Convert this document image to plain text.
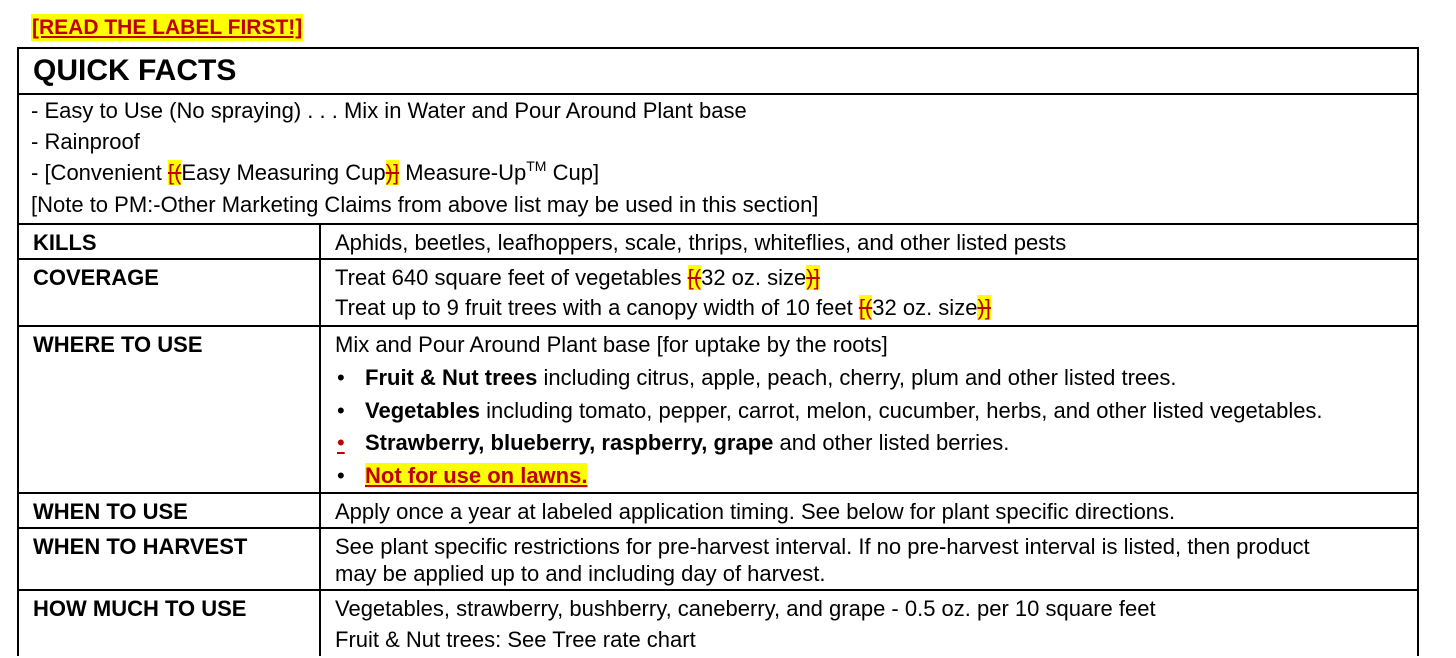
[READ THE LABEL FIRST!]
QUICK FACTS
- Easy to Use (No spraying) . . . Mix in Water and Pour Around Plant base
- Rainproof
- [Convenient [(Easy Measuring Cup)] Measure-Up™ Cup]
[Note to PM:-Other Marketing Claims from above list may be used in this section]
KILLS	Aphids, beetles, leafhoppers, scale, thrips, whiteflies, and other listed pests
COVERAGE	Treat 640 square feet of vegetables [(32 oz. size)]
Treat up to 9 fruit trees with a canopy width of 10 feet [(32 oz. size)]
WHERE TO USE	Mix and Pour Around Plant base [for uptake by the roots]
• Fruit & Nut trees including citrus, apple, peach, cherry, plum and other listed trees.
• Vegetables including tomato, pepper, carrot, melon, cucumber, herbs, and other listed vegetables.
• Strawberry, blueberry, raspberry, grape and other listed berries.
• Not for use on lawns.
WHEN TO USE	Apply once a year at labeled application timing. See below for plant specific directions.
WHEN TO HARVEST	See plant specific restrictions for pre-harvest interval. If no pre-harvest interval is listed, then product
may be applied up to and including day of harvest.
HOW MUCH TO USE	Vegetables, strawberry, bushberry, caneberry, and grape - 0.5 oz. per 10 square feet
Fruit & Nut trees: See Tree rate chart
